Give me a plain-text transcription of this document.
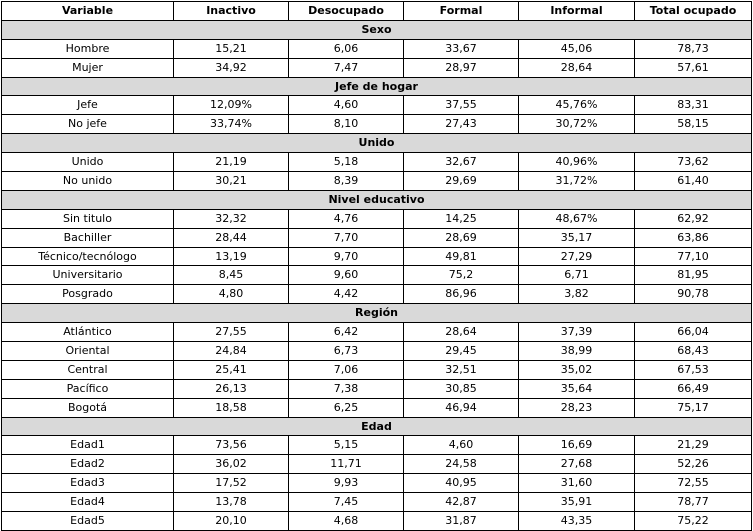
Variable	Inactivo	Desocupado	Formal	Informal	Total ocupado
Sexo					
Hombre	15,21	6,06	33,67	45,06	78,73
Mujer	34,92	7,47	28,97	28,64	57,61
Jefe de hogar					
Jefe	12,09%	4,60	37,55	45,76%	83,31
No jefe	33,74%	8,10	27,43	30,72%	58,15
Unido					
Unido	21,19	5,18	32,67	40,96%	73,62
No unido	30,21	8,39	29,69	31,72%	61,40
Nivel educativo					
Sin titulo	32,32	4,76	14,25	48,67%	62,92
Bachiller	28,44	7,70	28,69	35,17	63,86
Técnico/tecnólogo	13,19	9,70	49,81	27,29	77,10
Universitario	8,45	9,60	75,2	6,71	81,95
Posgrado	4,80	4,42	86,96	3,82	90,78
Región					
Atlántico	27,55	6,42	28,64	37,39	66,04
Oriental	24,84	6,73	29,45	38,99	68,43
Central	25,41	7,06	32,51	35,02	67,53
Pacífico	26,13	7,38	30,85	35,64	66,49
Bogotá	18,58	6,25	46,94	28,23	75,17
Edad					
Edad1	73,56	5,15	4,60	16,69	21,29
Edad2	36,02	11,71	24,58	27,68	52,26
Edad3	17,52	9,93	40,95	31,60	72,55
Edad4	13,78	7,45	42,87	35,91	78,77
Edad5	20,10	4,68	31,87	43,35	75,22
